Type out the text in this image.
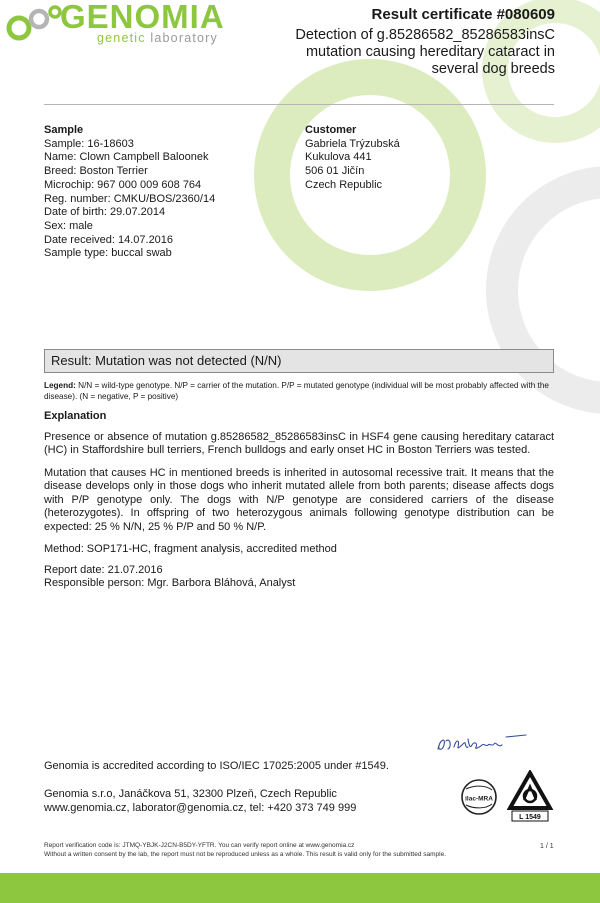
GENOMIA
genetic laboratory
Result certificate #080609
Detection of g.85286582_85286583insC mutation causing hereditary cataract in several dog breeds
Sample
Sample: 16-18603
Name: Clown Campbell Baloonek
Breed: Boston Terrier
Microchip: 967 000 009 608 764
Reg. number: CMKU/BOS/2360/14
Date of birth: 29.07.2014
Sex: male
Date received: 14.07.2016
Sample type: buccal swab
Customer
Gabriela Trýzubská
Kukulova 441
506 01 Jičín
Czech Republic
Result: Mutation was not detected (N/N)
Legend: N/N = wild-type genotype. N/P = carrier of the mutation. P/P = mutated genotype (individual will be most probably affected with the disease). (N = negative, P = positive)
Explanation
Presence or absence of mutation g.85286582_85286583insC in HSF4 gene causing hereditary cataract (HC) in Staffordshire bull terriers, French bulldogs and early onset HC in Boston Terriers was tested.
Mutation that causes HC in mentioned breeds is inherited in autosomal recessive trait. It means that the disease develops only in those dogs who inherit mutated allele from both parents; disease affects dogs with P/P genotype only. The dogs with N/P genotype are considered carriers of the disease (heterozygotes). In offspring of two heterozygous animals following genotype distribution can be expected: 25 % N/N, 25 % P/P and 50 % N/P.
Method: SOP171-HC, fragment analysis, accredited method
Report date: 21.07.2016
Responsible person: Mgr. Barbora Bláhová, Analyst
Genomia is accredited according to ISO/IEC 17025:2005 under #1549.
Genomia s.r.o, Janáčkova 51, 32300 Plzeň, Czech Republic
www.genomia.cz, laborator@genomia.cz, tel: +420 373 749 999
ilac-MRA
L 1549
Report verification code is: JTMQ-YBJK-J2CN-B5DY-YFTR. You can verify report online at www.genomia.cz
Without a written consent by the lab, the report must not be reproduced unless as a whole. This result is valid only for the submitted sample.
1 / 1
